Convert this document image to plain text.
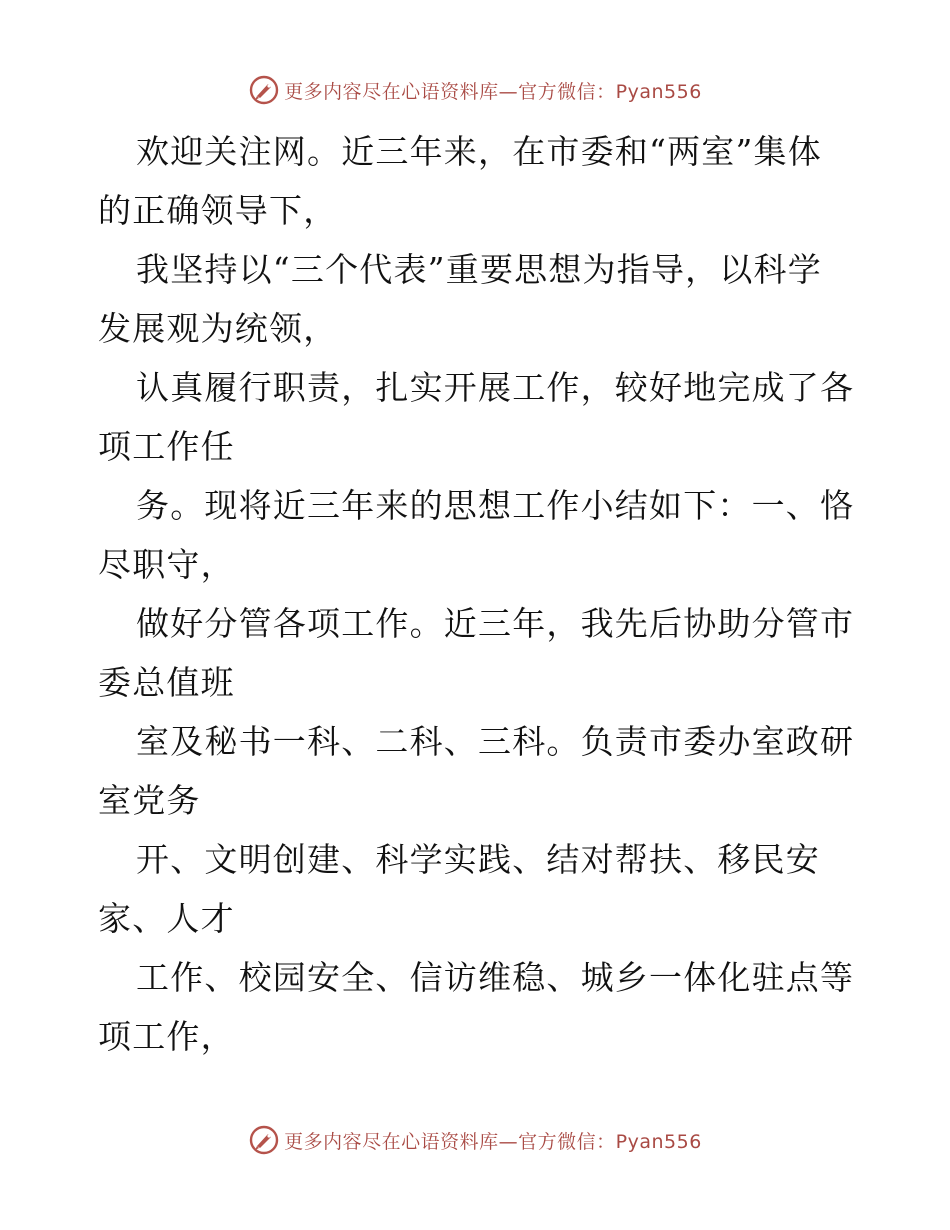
更多内容尽在心语资料库—官方微信：Pyan556
欢迎关注网。近三年来，在市委和“两室”集体
的正确领导下，
我坚持以“三个代表”重要思想为指导，以科学
发展观为统领，
认真履行职责，扎实开展工作，较好地完成了各
项工作任
务。现将近三年来的思想工作小结如下：一、恪
尽职守，
做好分管各项工作。近三年，我先后协助分管市
委总值班
室及秘书一科、二科、三科。负责市委办室政研
室党务
开、文明创建、科学实践、结对帮扶、移民安
家、人才
工作、校园安全、信访维稳、城乡一体化驻点等
项工作，
更多内容尽在心语资料库—官方微信：Pyan556
